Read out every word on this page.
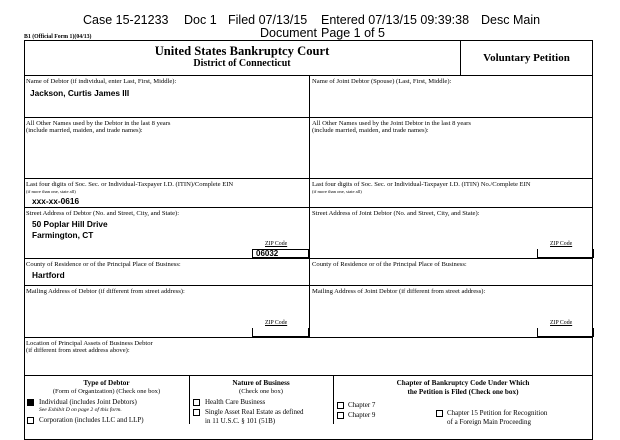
Case 15-21233 Doc 1 Filed 07/13/15 Entered 07/13/15 09:39:38 Desc Main
Document Page 1 of 5
B1 (Official Form 1)(04/13)
United States Bankruptcy Court
District of Connecticut	Voluntary Petition
Name of Debtor (if individual, enter Last, First, Middle):
Jackson, Curtis James III
All Other Names used by the Debtor in the last 8 years
(include married, maiden, and trade names):
Last four digits of Soc. Sec. or Individual-Taxpayer I.D. (ITIN)/Complete EIN
(if more than one, state all)
xxx-xx-0616
Street Address of Debtor (No. and Street, City, and State):
50 Poplar Hill Drive
Farmington, CT
ZIP Code
06032
County of Residence or of the Principal Place of Business:
Hartford
Mailing Address of Debtor (if different from street address):
ZIP Code
Location of Principal Assets of Business Debtor
(if different from street address above):
Name of Joint Debtor (Spouse) (Last, First, Middle):
All Other Names used by the Joint Debtor in the last 8 years
(include married, maiden, and trade names):
Last four digits of Soc. Sec. or Individual-Taxpayer I.D. (ITIN) No./Complete EIN
(if more than one, state all)
Street Address of Joint Debtor (No. and Street, City, and State):
ZIP Code
County of Residence or of the Principal Place of Business:
Mailing Address of Joint Debtor (if different from street address):
ZIP Code
Type of Debtor
(Form of Organization) (Check one box)
Individual (includes Joint Debtors)
See Exhibit D on page 2 of this form.
Corporation (includes LLC and LLP)
Nature of Business
(Check one box)
Health Care Business
Single Asset Real Estate as defined
in 11 U.S.C. § 101 (51B)
Chapter of Bankruptcy Code Under Which
the Petition is Filed (Check one box)
Chapter 7
Chapter 9	Chapter 15 Petition for Recognition
of a Foreign Main Proceeding
